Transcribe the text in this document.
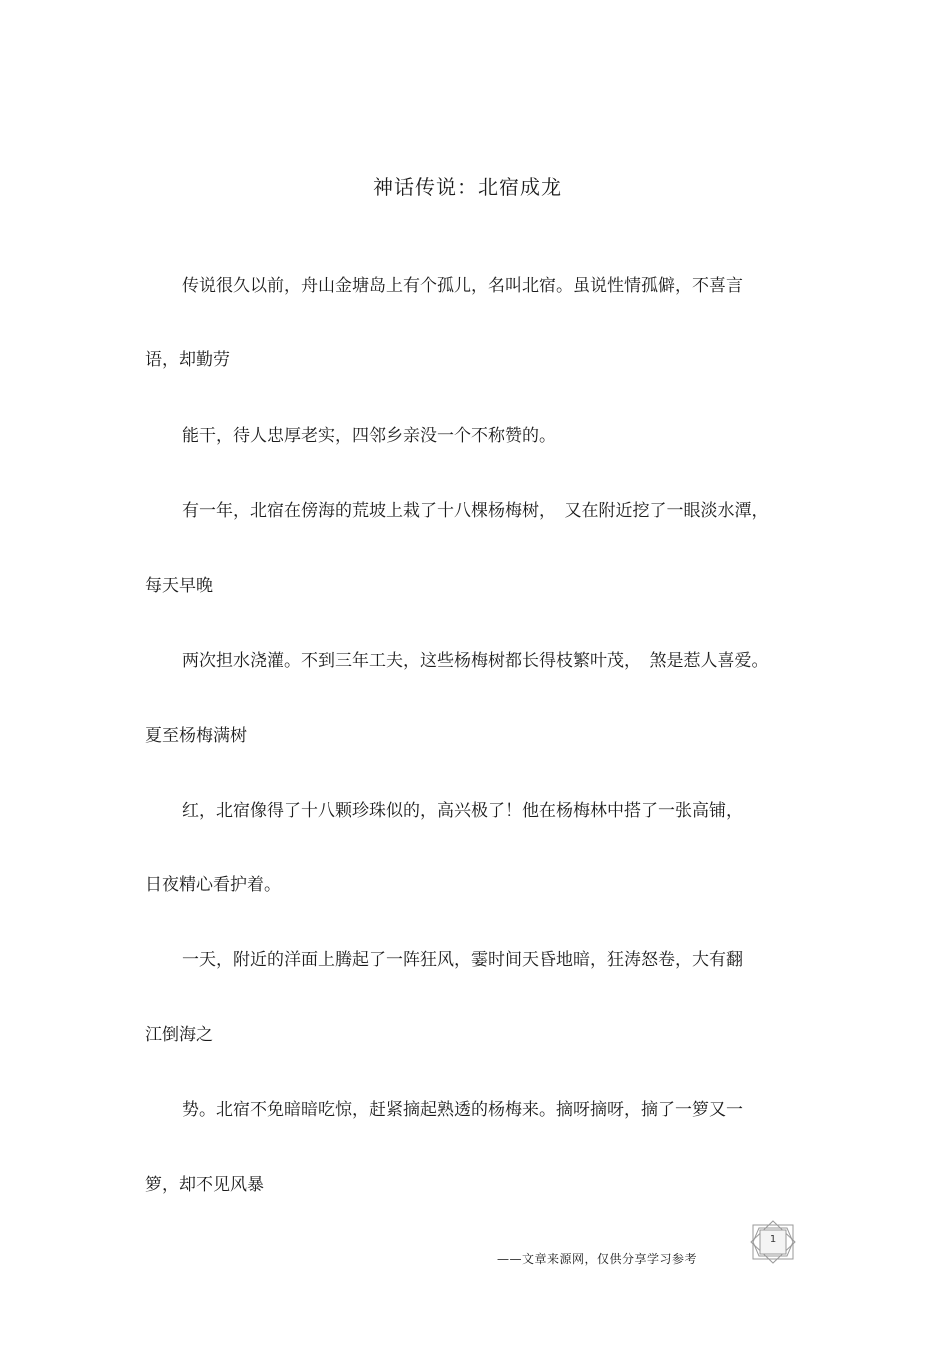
神话传说：北宿成龙
传说很久以前，舟山金塘岛上有个孤儿，名叫北宿。虽说性情孤僻，不喜言
语，却勤劳
能干，待人忠厚老实，四邻乡亲没一个不称赞的。
有一年，北宿在傍海的荒坡上栽了十八棵杨梅树，　又在附近挖了一眼淡水潭，
每天早晚
两次担水浇灌。不到三年工夫，这些杨梅树都长得枝繁叶茂，　煞是惹人喜爱。
夏至杨梅满树
红，北宿像得了十八颗珍珠似的，高兴极了！他在杨梅林中搭了一张高铺，
日夜精心看护着。
一天，附近的洋面上腾起了一阵狂风，霎时间天昏地暗，狂涛怒卷，大有翻
江倒海之
势。北宿不免暗暗吃惊，赶紧摘起熟透的杨梅来。摘呀摘呀，摘了一箩又一
箩，却不见风暴
——文章来源网，仅供分享学习参考
1
